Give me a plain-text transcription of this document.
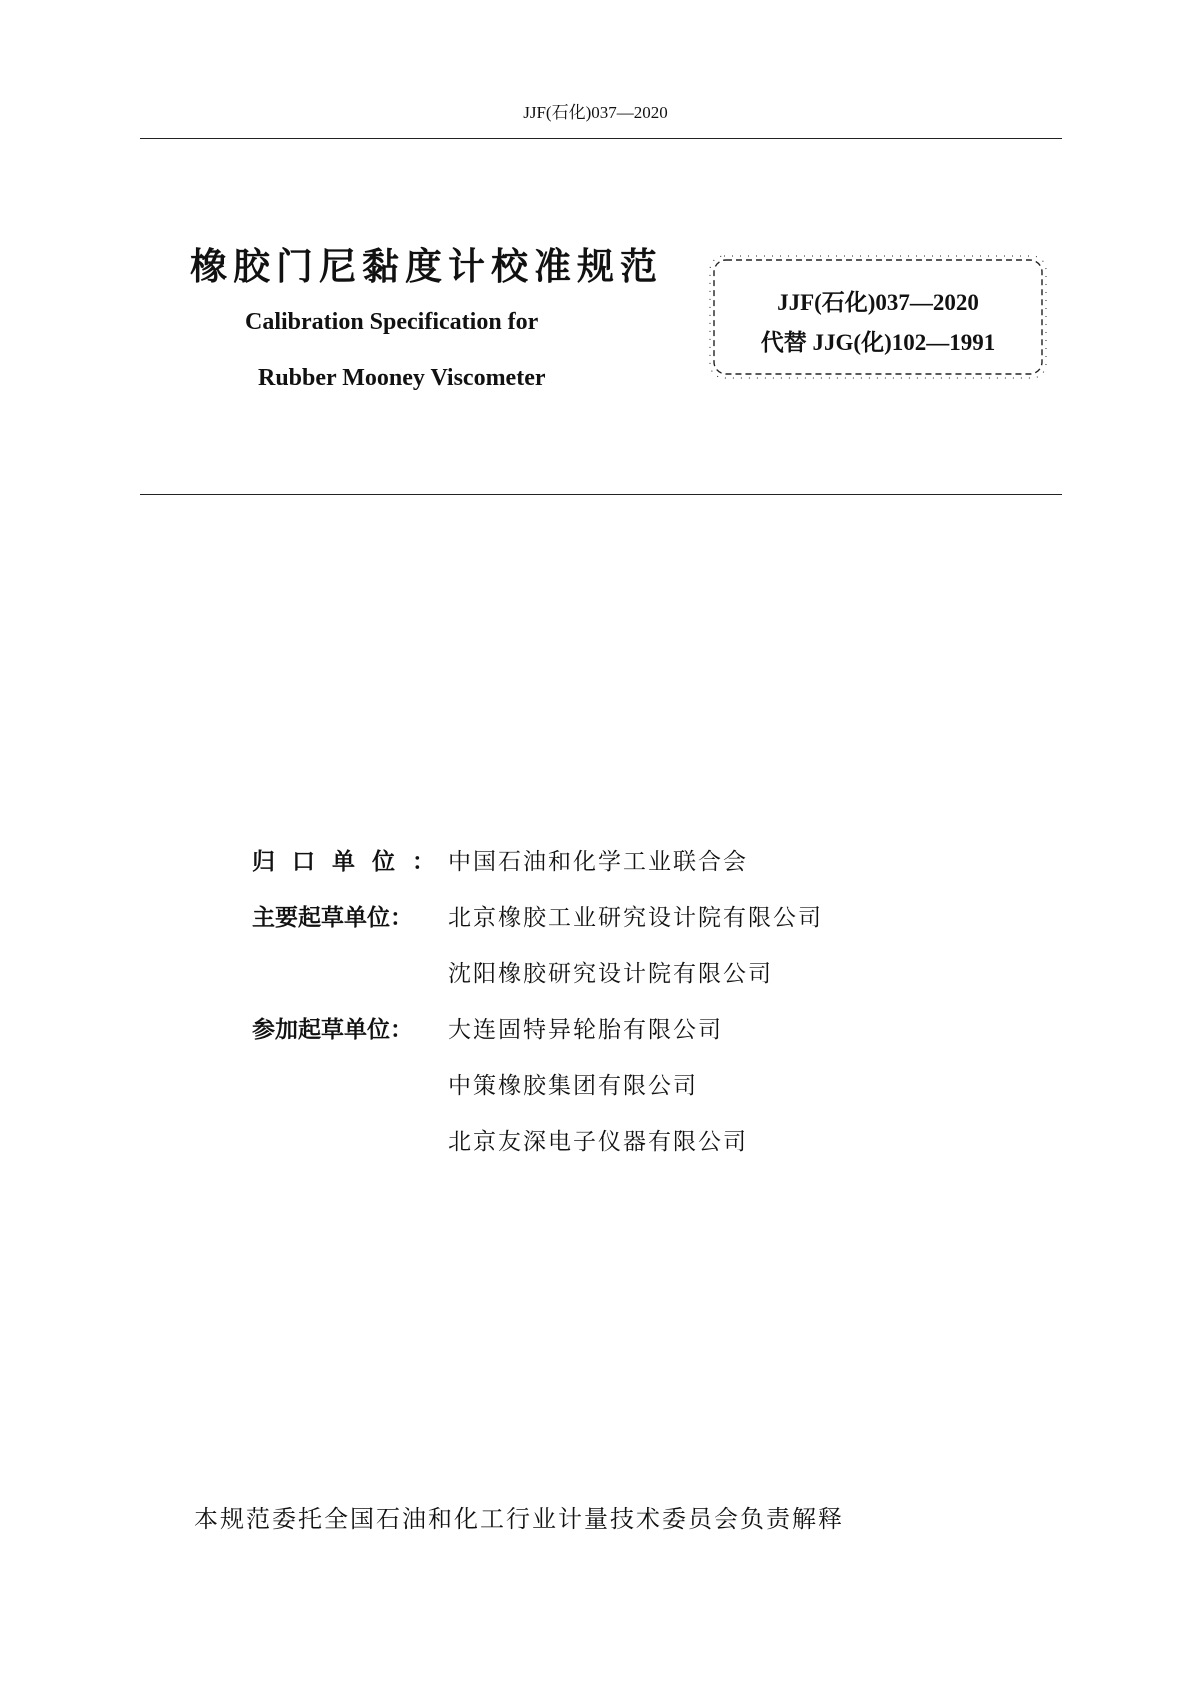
JJF(石化)037—2020
橡胶门尼黏度计校准规范
Calibration Specification for
Rubber Mooney Viscometer
JJF(石化)037—2020
代替 JJG(化)102—1991
归口单位：
中国石油和化学工业联合会
主要起草单位：	北京橡胶工业研究设计院有限公司
沈阳橡胶研究设计院有限公司
参加起草单位：	大连固特异轮胎有限公司
中策橡胶集团有限公司
北京友深电子仪器有限公司
本规范委托全国石油和化工行业计量技术委员会负责解释
